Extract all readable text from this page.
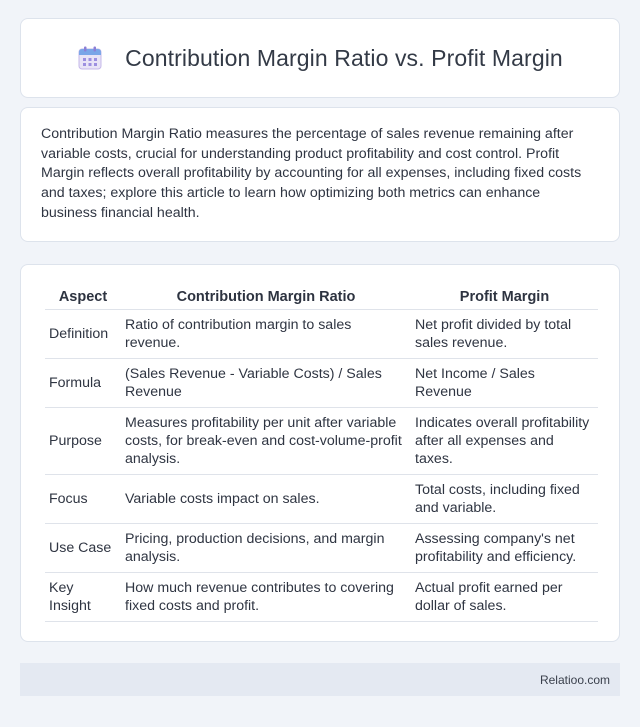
Contribution Margin Ratio vs. Profit Margin

Contribution Margin Ratio measures the percentage of sales revenue remaining after variable costs, crucial for understanding product profitability and cost control. Profit Margin reflects overall profitability by accounting for all expenses, including fixed costs and taxes; explore this article to learn how optimizing both metrics can enhance business financial health.

Aspect	Contribution Margin Ratio	Profit Margin
Definition	Ratio of contribution margin to sales revenue.	Net profit divided by total sales revenue.
Formula	(Sales Revenue - Variable Costs) / Sales Revenue	Net Income / Sales Revenue
Purpose	Measures profitability per unit after variable costs, for break-even and cost-volume-profit analysis.	Indicates overall profitability after all expenses and taxes.
Focus	Variable costs impact on sales.	Total costs, including fixed and variable.
Use Case	Pricing, production decisions, and margin analysis.	Assessing company's net profitability and efficiency.
Key Insight	How much revenue contributes to covering fixed costs and profit.	Actual profit earned per dollar of sales.
Relatioo.com
